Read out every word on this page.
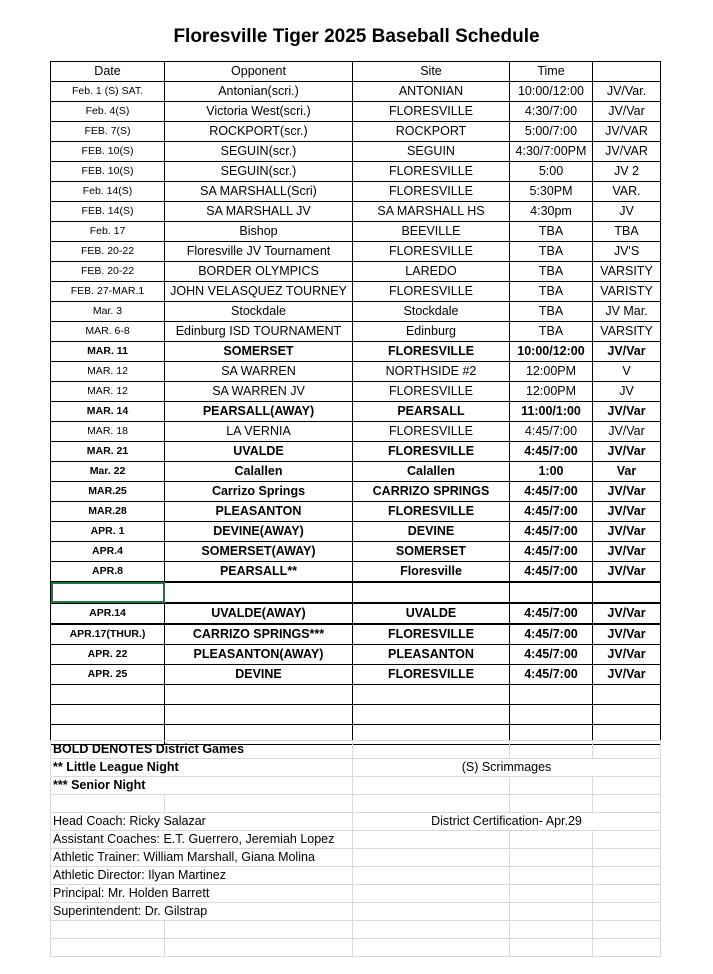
Floresville Tiger 2025 Baseball Schedule
Date	Opponent	Site	Time	
Feb. 1 (S) SAT.	Antonian(scri.)	ANTONIAN	10:00/12:00	JV/Var.
Feb. 4(S)	Victoria West(scri.)	FLORESVILLE	4:30/7:00	JV/Var
FEB. 7(S)	ROCKPORT(scr.)	ROCKPORT	5:00/7:00	JV/VAR
FEB. 10(S)	SEGUIN(scr.)	SEGUIN	4:30/7:00PM	JV/VAR
FEB. 10(S)	SEGUIN(scr.)	FLORESVILLE	5:00	JV 2
Feb. 14(S)	SA MARSHALL(Scri)	FLORESVILLE	5:30PM	VAR.
FEB. 14(S)	SA MARSHALL JV	SA MARSHALL HS	4:30pm	JV
Feb. 17	Bishop	BEEVILLE	TBA	TBA
FEB. 20-22	Floresville JV Tournament	FLORESVILLE	TBA	JV'S
FEB. 20-22	BORDER OLYMPICS	LAREDO	TBA	VARSITY
FEB. 27-MAR.1	JOHN VELASQUEZ TOURNEY	FLORESVILLE	TBA	VARISTY
Mar. 3	Stockdale	Stockdale	TBA	JV Mar.
MAR. 6-8	Edinburg ISD TOURNAMENT	Edinburg	TBA	VARSITY
MAR. 11	SOMERSET	FLORESVILLE	10:00/12:00	JV/Var
MAR. 12	SA WARREN	NORTHSIDE #2	12:00PM	V
MAR. 12	SA WARREN JV	FLORESVILLE	12:00PM	JV
MAR. 14	PEARSALL(AWAY)	PEARSALL	11:00/1:00	JV/Var
MAR. 18	LA VERNIA	FLORESVILLE	4:45/7:00	JV/Var
MAR. 21	UVALDE	FLORESVILLE	4:45/7:00	JV/Var
Mar. 22	Calallen	Calallen	1:00	Var
MAR.25	Carrizo Springs	CARRIZO SPRINGS	4:45/7:00	JV/Var
MAR.28	PLEASANTON	FLORESVILLE	4:45/7:00	JV/Var
APR. 1	DEVINE(AWAY)	DEVINE	4:45/7:00	JV/Var
APR.4	SOMERSET(AWAY)	SOMERSET	4:45/7:00	JV/Var
APR.8	PEARSALL**	Floresville	4:45/7:00	JV/Var

APR.14	UVALDE(AWAY)	UVALDE	4:45/7:00	JV/Var
APR.17(THUR.)	CARRIZO SPRINGS***	FLORESVILLE	4:45/7:00	JV/Var
APR. 22	PLEASANTON(AWAY)	PLEASANTON	4:45/7:00	JV/Var
APR. 25	DEVINE	FLORESVILLE	4:45/7:00	JV/Var

BOLD DENOTES District Games				
** Little League Night		(S) Scrimmages		
*** Senior Night				

Head Coach: Ricky Salazar		District Certification- Apr.29		
Assistant Coaches: E.T. Guerrero, Jeremiah Lopez				
Athletic Trainer: William Marshall, Giana Molina				
Athletic Director: Ilyan Martinez				
Principal: Mr. Holden Barrett				
Superintendent: Dr. Gilstrap				
